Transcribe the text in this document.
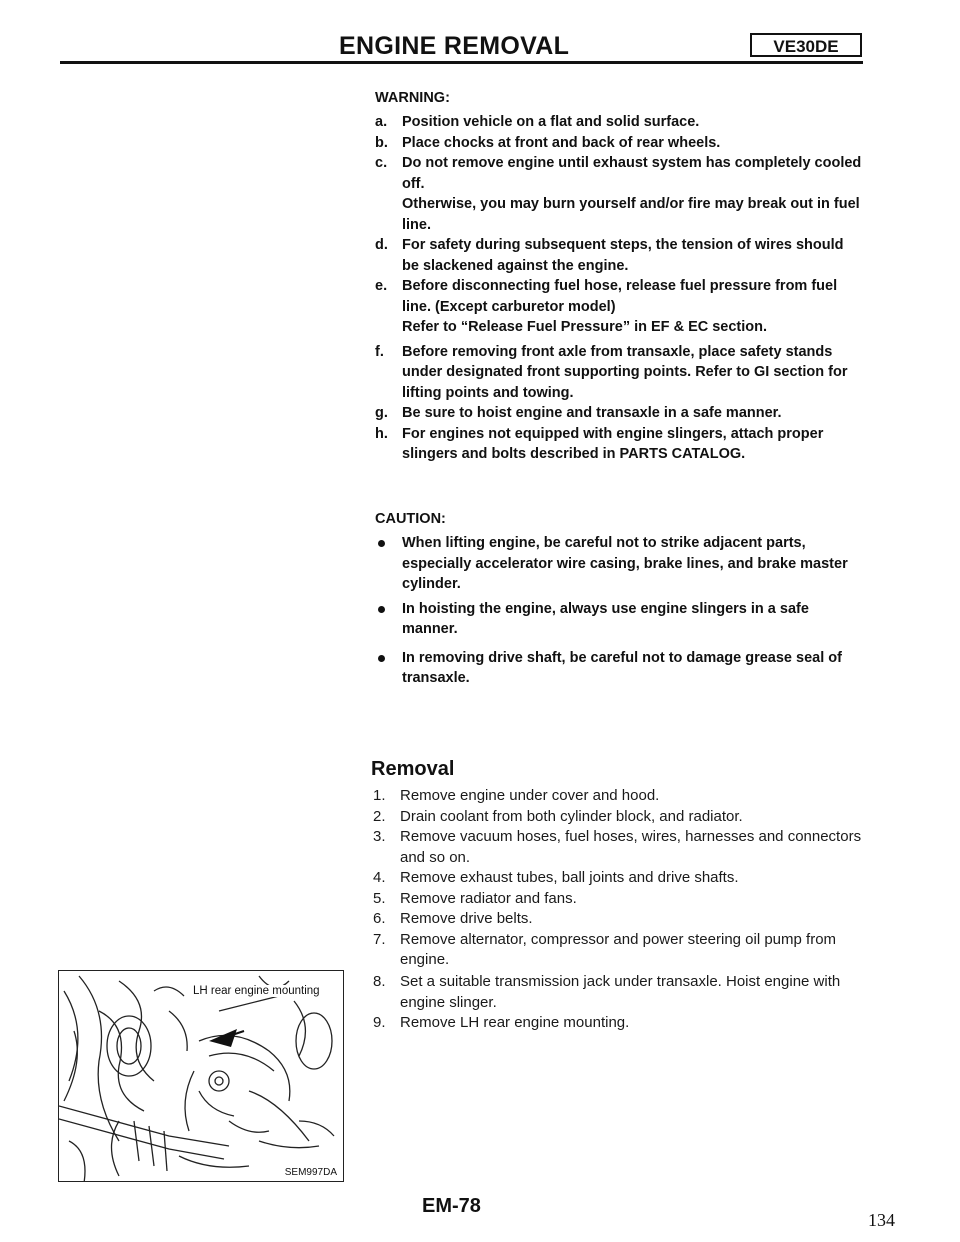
ENGINE REMOVAL	VE30DE
WARNING:
a. Position vehicle on a flat and solid surface.
b. Place chocks at front and back of rear wheels.
c. Do not remove engine until exhaust system has completely cooled off.
Otherwise, you may burn yourself and/or fire may break out in fuel line.
d. For safety during subsequent steps, the tension of wires should be slackened against the engine.
e. Before disconnecting fuel hose, release fuel pressure from fuel line. (Except carburetor model)
Refer to “Release Fuel Pressure” in EF & EC section.
f. Before removing front axle from transaxle, place safety stands under designated front supporting points. Refer to GI section for lifting points and towing.
g. Be sure to hoist engine and transaxle in a safe manner.
h. For engines not equipped with engine slingers, attach proper slingers and bolts described in PARTS CATALOG.
CAUTION:
When lifting engine, be careful not to strike adjacent parts, especially accelerator wire casing, brake lines, and brake master cylinder.
In hoisting the engine, always use engine slingers in a safe manner.
In removing drive shaft, be careful not to damage grease seal of transaxle.
Removal
1. Remove engine under cover and hood.
2. Drain coolant from both cylinder block, and radiator.
3. Remove vacuum hoses, fuel hoses, wires, harnesses and connectors and so on.
4. Remove exhaust tubes, ball joints and drive shafts.
5. Remove radiator and fans.
6. Remove drive belts.
7. Remove alternator, compressor and power steering oil pump from engine.
8. Set a suitable transmission jack under transaxle. Hoist engine with engine slinger.
9. Remove LH rear engine mounting.
LH rear engine mounting
SEM997DA
EM-78
134
